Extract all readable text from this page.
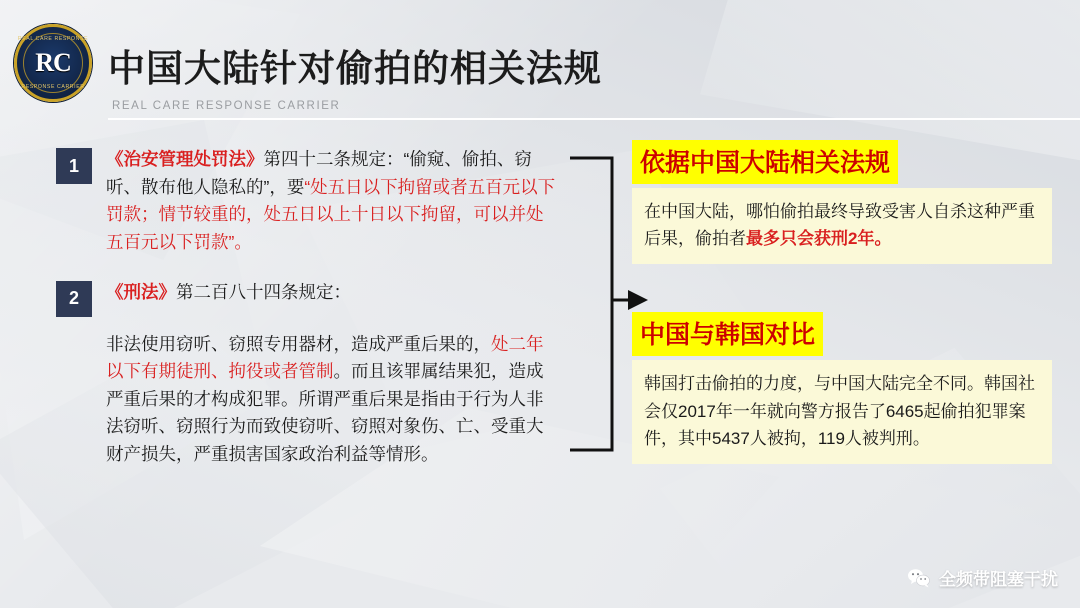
REAL CARE RESPONSE
RC
RESPONSE CARRIER 中国大陆针对偷拍的相关法规
REAL CARE RESPONSE CARRIER
1	《治安管理处罚法》第四十二条规定：“偷窥、偷拍、窃听、散布他人隐私的”，要“处五日以下拘留或者五百元以下罚款；情节较重的，处五日以上十日以下拘留，可以并处五百元以下罚款”。
2	《刑法》第二百八十四条规定：
非法使用窃听、窃照专用器材，造成严重后果的，处二年以下有期徒刑、拘役或者管制。而且该罪属结果犯，造成严重后果的才构成犯罪。所谓严重后果是指由于行为人非法窃听、窃照行为而致使窃听、窃照对象伤、亡、受重大财产损失，严重损害国家政治利益等情形。
依据中国大陆相关法规
在中国大陆，哪怕偷拍最终导致受害人自杀这种严重后果，偷拍者最多只会获刑2年。
中国与韩国对比
韩国打击偷拍的力度，与中国大陆完全不同。韩国社会仅2017年一年就向警方报告了6465起偷拍犯罪案件，其中5437人被拘，119人被判刑。
全频带阻塞干扰
